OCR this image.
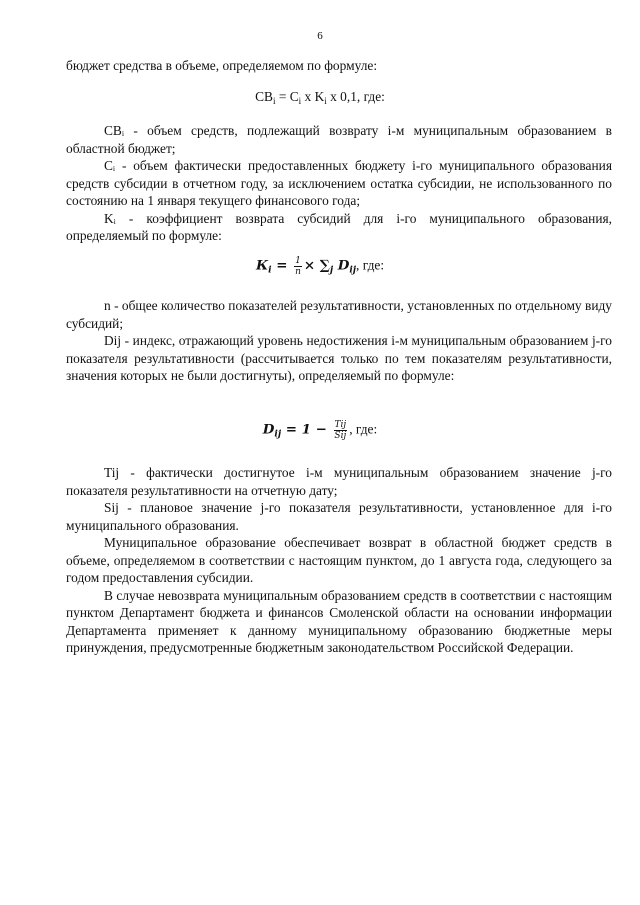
6

бюджет средства в объеме, определяемом по формуле:

$СВ_i = С_i$ х $K_i$ х 0,1, где:

СВᵢ - объем средств, подлежащий возврату i-м муниципальным образованием в областной бюджет;

Сᵢ - объем фактически предоставленных бюджету i-го муниципального образования средств субсидии в отчетном году, за исключением остатка субсидии, не использованного по состоянию на 1 января текущего финансового года;

Kᵢ - коэффициент возврата субсидий для i-го муниципального образования, определяемый по формуле:

$К_i = \frac{1}{n} \times \sum_j$ $D_{ij}$, где:

n - общее количество показателей результативности, установленных по отдельному виду субсидий;

Dij - индекс, отражающий уровень недостижения i-м муниципальным образованием j-го показателя результативности (рассчитывается только по тем показателям результативности, значения которых не были достигнуты), определяемый по формуле:

$D_{ij} = 1 - \frac{\text{Tij}}{\text{Sij}}$ , где:

Tij - фактически достигнутое i-м муниципальным образованием значение j-го показателя результативности на отчетную дату;

Sij - плановое значение j-го показателя результативности, установленное для i-го муниципального образования.

Муниципальное образование обеспечивает возврат в областной бюджет средств в объеме, определяемом в соответствии с настоящим пунктом, до 1 августа года, следующего за годом предоставления субсидии.

В случае невозврата муниципальным образованием средств в соответствии с настоящим пунктом Департамент бюджета и финансов Смоленской области на основании информации Департамента применяет к данному муниципальному образованию бюджетные меры принуждения, предусмотренные бюджетным законодательством Российской Федерации.
